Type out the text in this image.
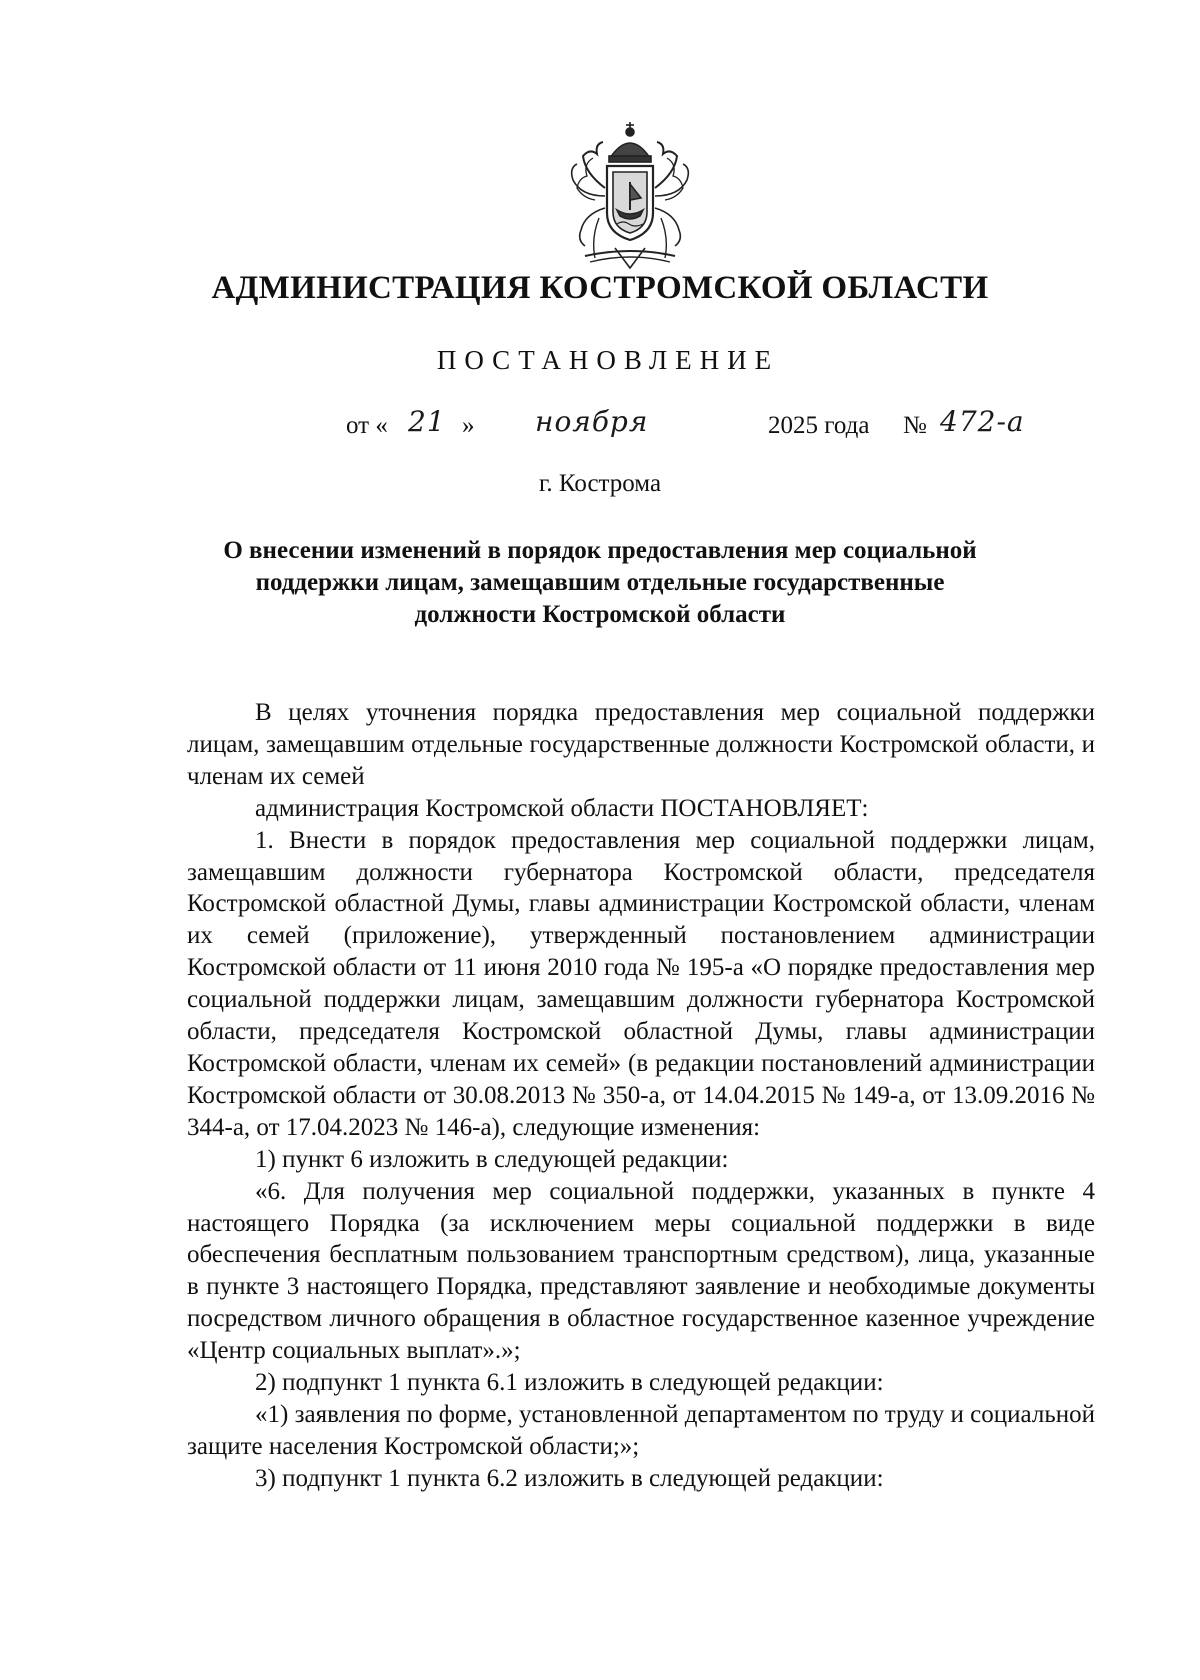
АДМИНИСТРАЦИЯ КОСТРОМСКОЙ ОБЛАСТИ
ПОСТАНОВЛЕНИЕ
от « 21 » ноября	2025 года № 472-а
г. Кострома
О внесении изменений в порядок предоставления мер социальной поддержки лицам, замещавшим отдельные государственные должности Костромской области

В целях уточнения порядка предоставления мер социальной поддержки лицам, замещавшим отдельные государственные должности Костромской области, и членам их семей

администрация Костромской области ПОСТАНОВЛЯЕТ:

1. Внести в порядок предоставления мер социальной поддержки лицам, замещавшим должности губернатора Костромской области, председателя Костромской областной Думы, главы администрации Костромской области, членам их семей (приложение), утвержденный постановлением администрации Костромской области от 11 июня 2010 года № 195-а «О порядке предоставления мер социальной поддержки лицам, замещавшим должности губернатора Костромской области, председателя Костромской областной Думы, главы администрации Костромской области, членам их семей» (в редакции постановлений администрации Костромской области от 30.08.2013 № 350-а, от 14.04.2015 № 149-а, от 13.09.2016 № 344-а, от 17.04.2023 № 146-а), следующие изменения:

1) пункт 6 изложить в следующей редакции:

«6. Для получения мер социальной поддержки, указанных в пункте 4 настоящего Порядка (за исключением меры социальной поддержки в виде обеспечения бесплатным пользованием транспортным средством), лица, указанные в пункте 3 настоящего Порядка, представляют заявление и необходимые документы посредством личного обращения в областное государственное казенное учреждение «Центр социальных выплат».»;

2) подпункт 1 пункта 6.1 изложить в следующей редакции:

«1) заявления по форме, установленной департаментом по труду и социальной защите населения Костромской области;»;

3) подпункт 1 пункта 6.2 изложить в следующей редакции:
